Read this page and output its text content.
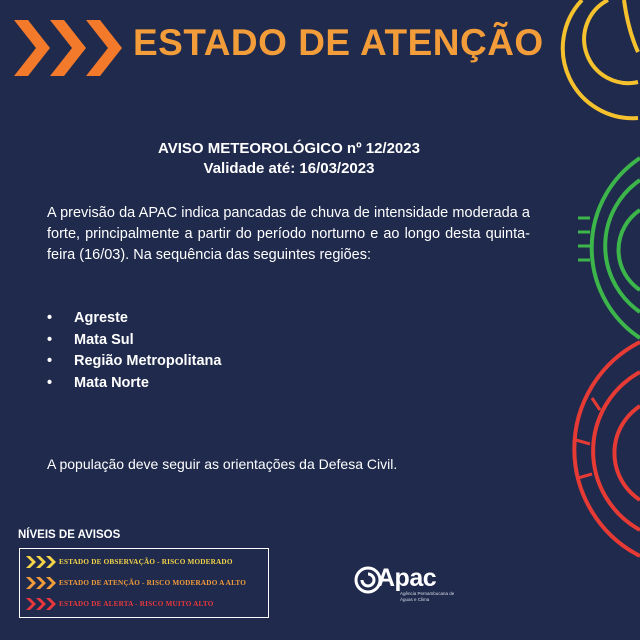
ESTADO DE ATENÇÃO
AVISO METEOROLÓGICO nº 12/2023
Validade até: 16/03/2023

A previsão da APAC indica pancadas de chuva de intensidade moderada a forte, principalmente a partir do período norturno e ao longo desta quinta-feira (16/03). Na sequência das seguintes regiões:

• Agreste
• Mata Sul
• Região Metropolitana
• Mata Norte

A população deve seguir as orientações da Defesa Civil.

NÍVEIS DE AVISOS
ESTADO DE OBSERVAÇÃO - RISCO MODERADO
ESTADO DE ATENÇÃO - RISCO MODERADO A ALTO
ESTADO DE ALERTA - RISCO MUITO ALTO
Apac
Agência Pernambucana de Águas e Clima
